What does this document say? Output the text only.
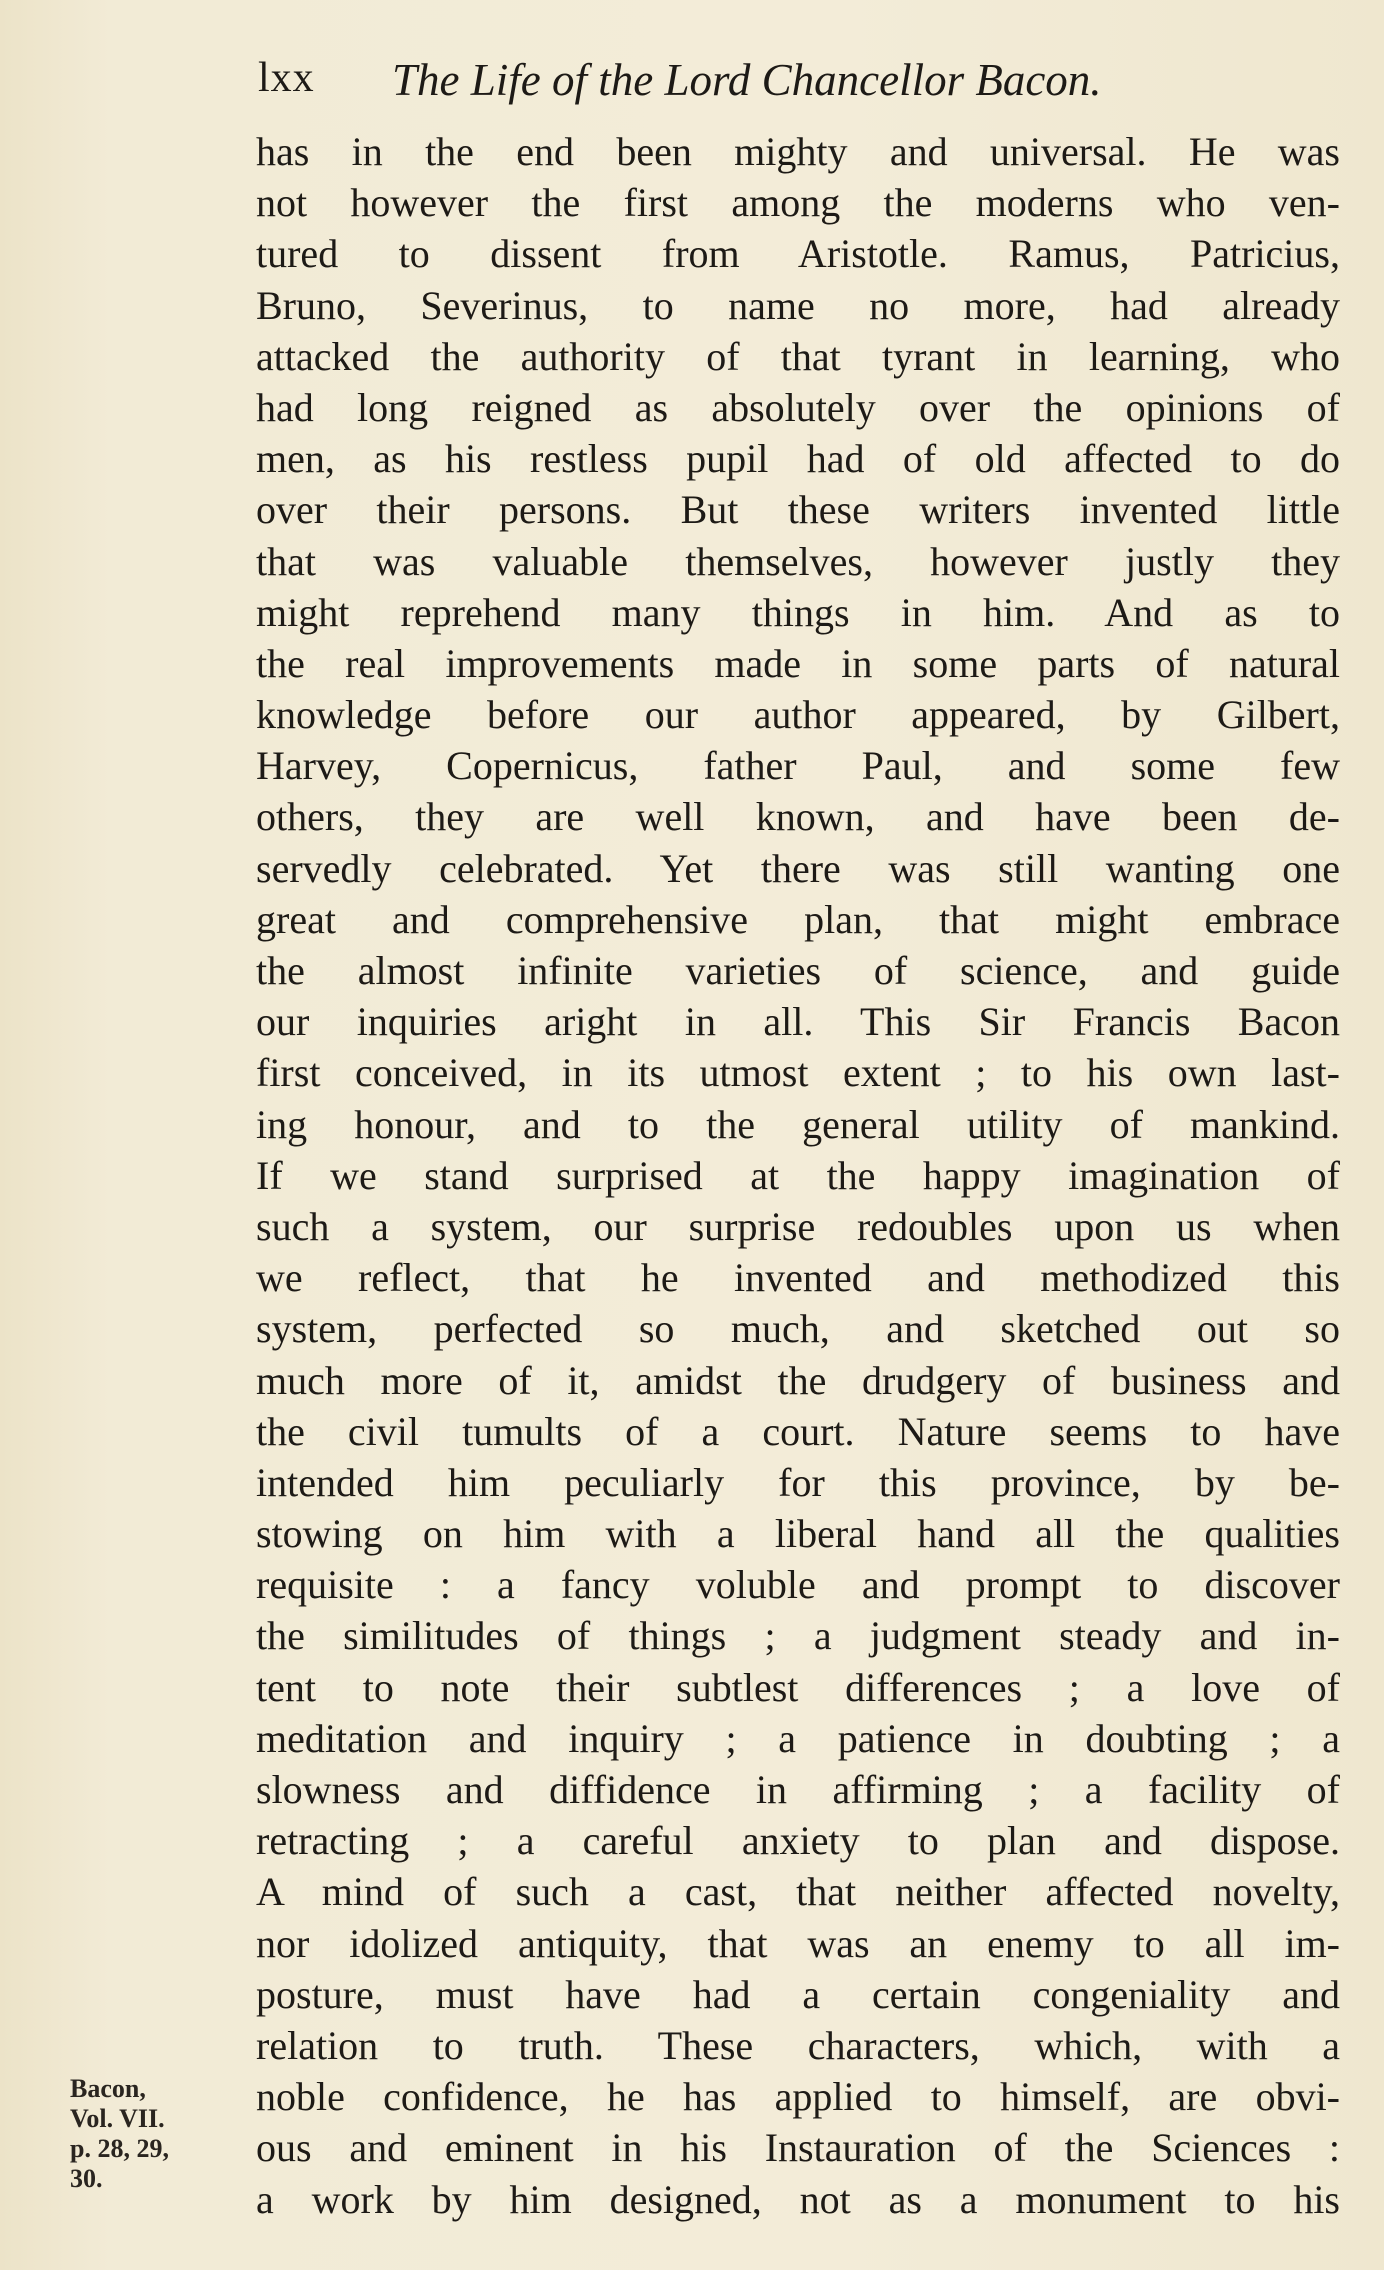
lxx The Life of the Lord Chancellor Bacon.
has in the end been mighty and universal. He was
not however the first among the moderns who ven-
tured to dissent from Aristotle. Ramus, Patricius,
Bruno, Severinus, to name no more, had already
attacked the authority of that tyrant in learning, who
had long reigned as absolutely over the opinions of
men, as his restless pupil had of old affected to do
over their persons. But these writers invented little
that was valuable themselves, however justly they
might reprehend many things in him. And as to
the real improvements made in some parts of natural
knowledge before our author appeared, by Gilbert,
Harvey, Copernicus, father Paul, and some few
others, they are well known, and have been de-
servedly celebrated. Yet there was still wanting one
great and comprehensive plan, that might embrace
the almost infinite varieties of science, and guide
our inquiries aright in all. This Sir Francis Bacon
first conceived, in its utmost extent ; to his own last-
ing honour, and to the general utility of mankind.
If we stand surprised at the happy imagination of
such a system, our surprise redoubles upon us when
we reflect, that he invented and methodized this
system, perfected so much, and sketched out so
much more of it, amidst the drudgery of business and
the civil tumults of a court. Nature seems to have
intended him peculiarly for this province, by be-
stowing on him with a liberal hand all the qualities
requisite : a fancy voluble and prompt to discover
the similitudes of things ; a judgment steady and in-
tent to note their subtlest differences ; a love of
meditation and inquiry ; a patience in doubting ; a
slowness and diffidence in affirming ; a facility of
retracting ; a careful anxiety to plan and dispose.
A mind of such a cast, that neither affected novelty,
nor idolized antiquity, that was an enemy to all im-
posture, must have had a certain congeniality and
relation to truth. These characters, which, with a
noble confidence, he has applied to himself, are obvi-
ous and eminent in his Instauration of the Sciences :
a work by him designed, not as a monument to his
Bacon,
Vol. VII.
p. 28, 29,
30.
